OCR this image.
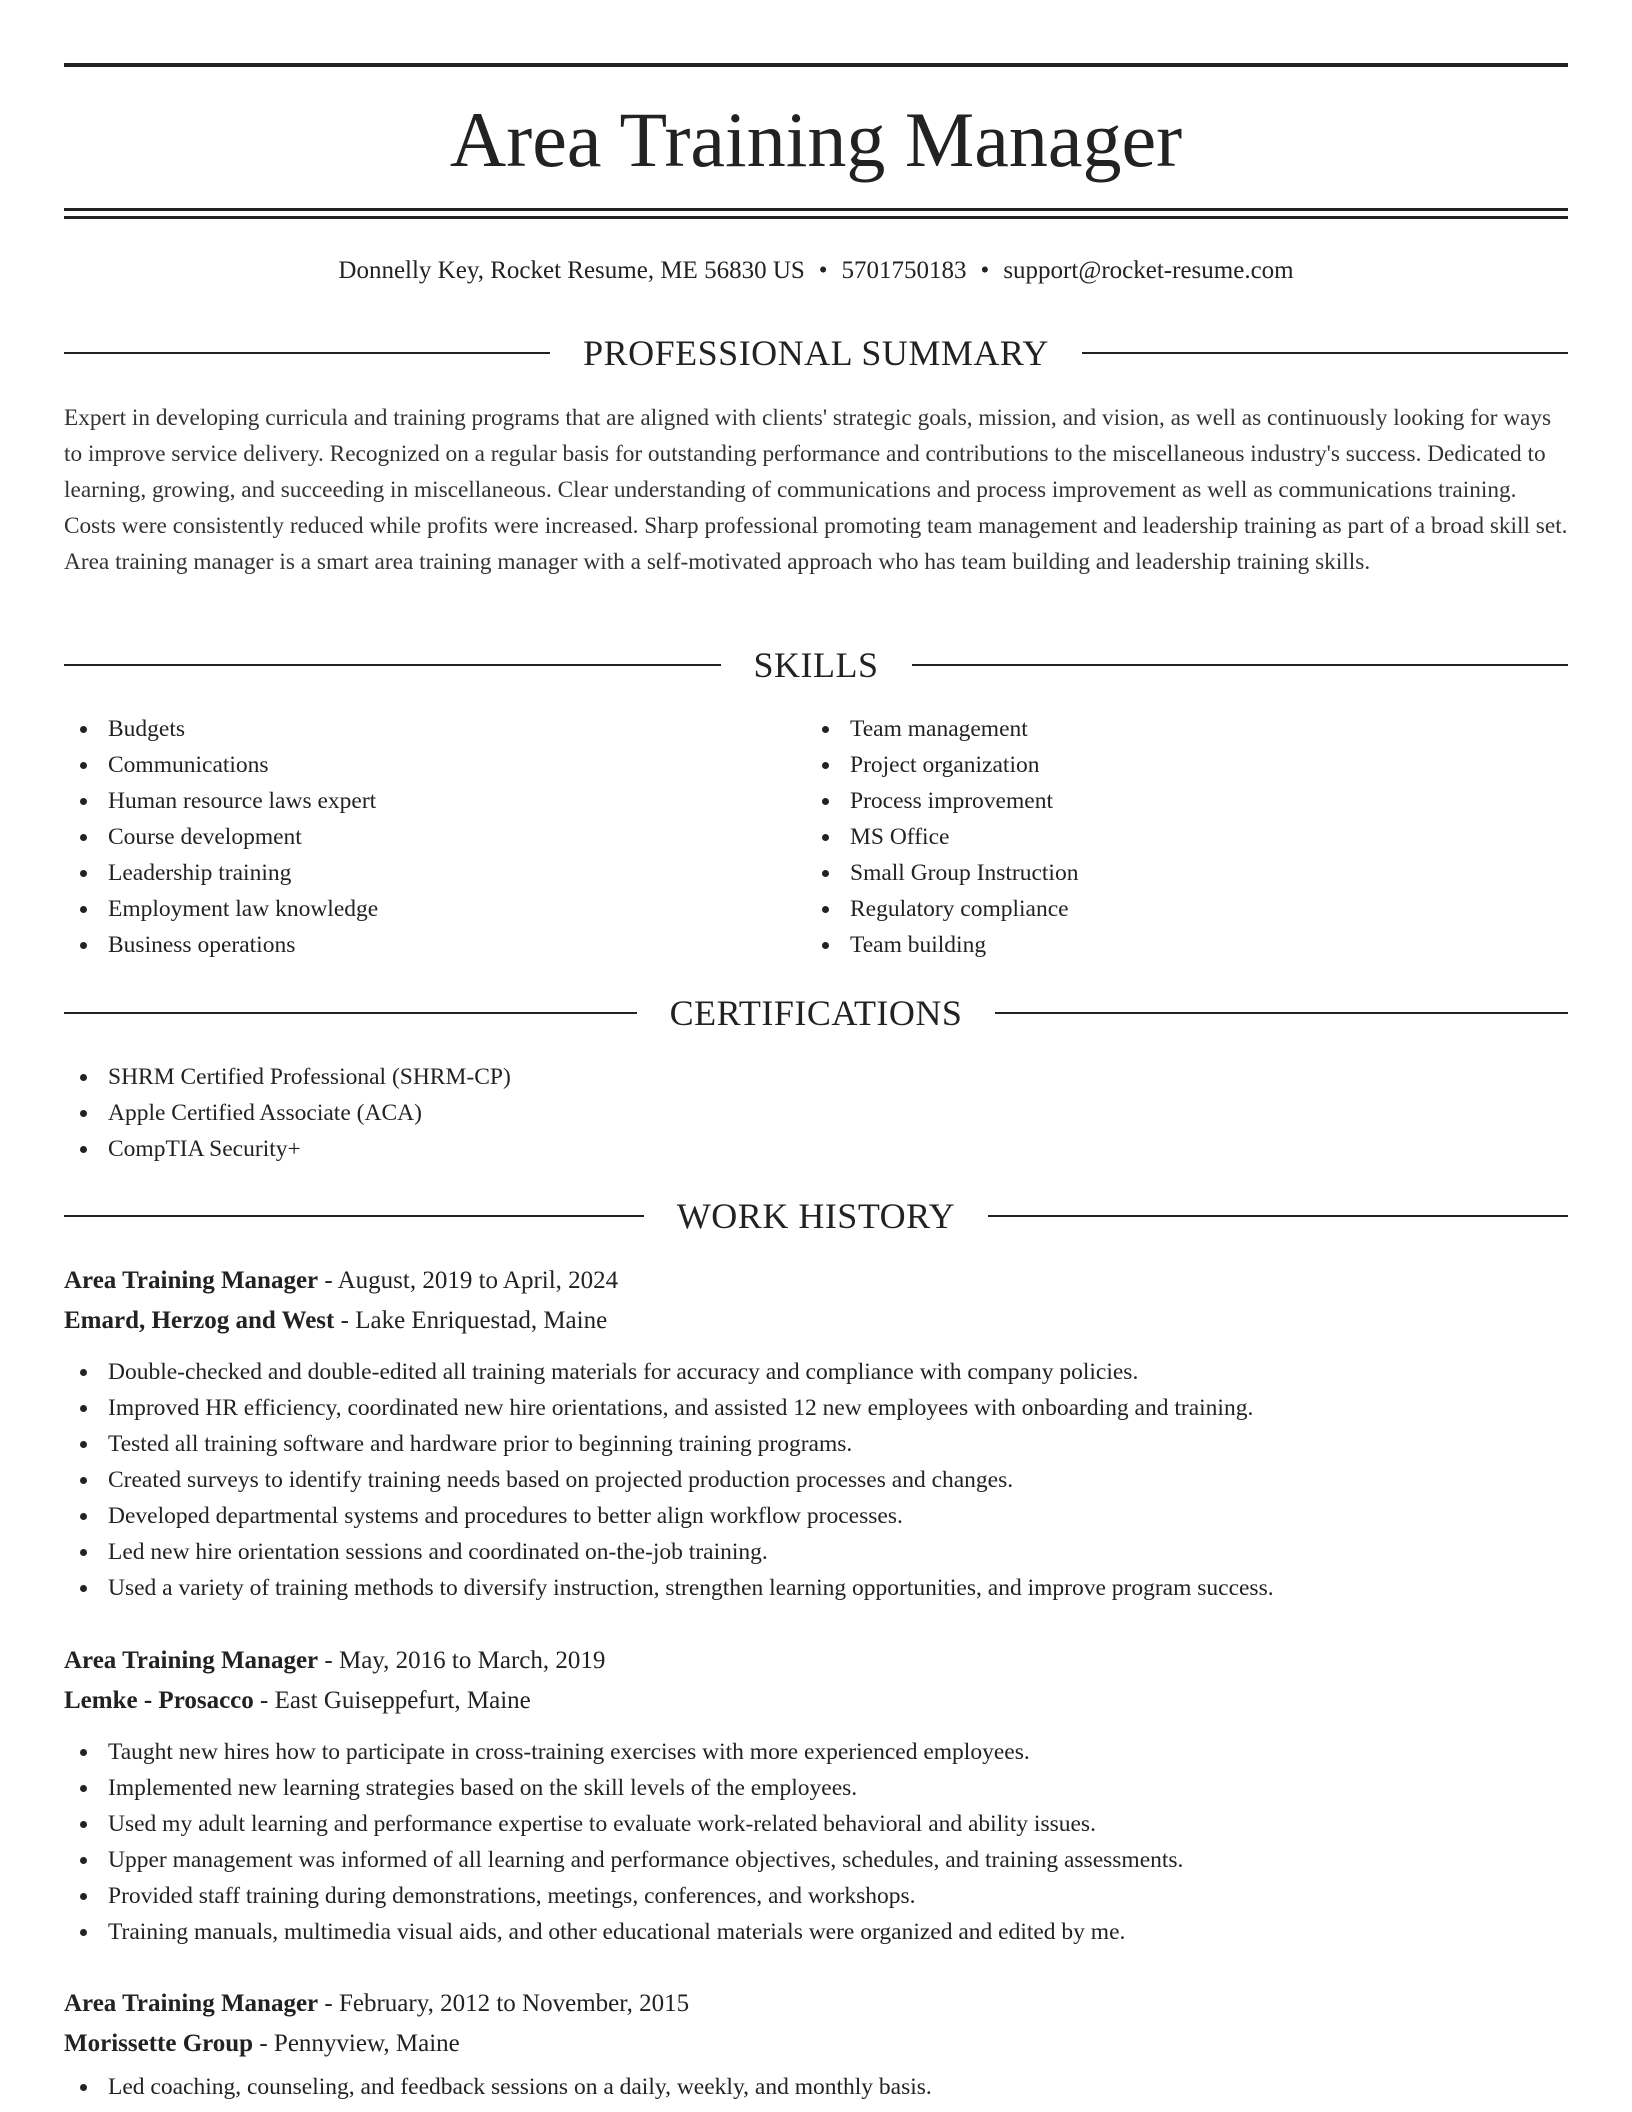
Area Training Manager
Donnelly Key, Rocket Resume, ME 56830 US • 5701750183 • support@rocket-resume.com
PROFESSIONAL SUMMARY

Expert in developing curricula and training programs that are aligned with clients' strategic goals, mission, and vision, as well as continuously looking for ways to improve service delivery. Recognized on a regular basis for outstanding performance and contributions to the miscellaneous industry's success. Dedicated to learning, growing, and succeeding in miscellaneous. Clear understanding of communications and process improvement as well as communications training. Costs were consistently reduced while profits were increased. Sharp professional promoting team management and leadership training as part of a broad skill set. Area training manager is a smart area training manager with a self-motivated approach who has team building and leadership training skills.

SKILLS
Budgets
Communications
Human resource laws expert
Course development
Leadership training
Employment law knowledge
Business operations
Team management
Project organization
Process improvement
MS Office
Small Group Instruction
Regulatory compliance
Team building
CERTIFICATIONS
SHRM Certified Professional (SHRM-CP)
Apple Certified Associate (ACA)
CompTIA Security+
WORK HISTORY
Area Training Manager - August, 2019 to April, 2024
Emard, Herzog and West - Lake Enriquestad, Maine
Double-checked and double-edited all training materials for accuracy and compliance with company policies.
Improved HR efficiency, coordinated new hire orientations, and assisted 12 new employees with onboarding and training.
Tested all training software and hardware prior to beginning training programs.
Created surveys to identify training needs based on projected production processes and changes.
Developed departmental systems and procedures to better align workflow processes.
Led new hire orientation sessions and coordinated on-the-job training.
Used a variety of training methods to diversify instruction, strengthen learning opportunities, and improve program success.
Area Training Manager - May, 2016 to March, 2019
Lemke - Prosacco - East Guiseppefurt, Maine
Taught new hires how to participate in cross-training exercises with more experienced employees.
Implemented new learning strategies based on the skill levels of the employees.
Used my adult learning and performance expertise to evaluate work-related behavioral and ability issues.
Upper management was informed of all learning and performance objectives, schedules, and training assessments.
Provided staff training during demonstrations, meetings, conferences, and workshops.
Training manuals, multimedia visual aids, and other educational materials were organized and edited by me.
Area Training Manager - February, 2012 to November, 2015
Morissette Group - Pennyview, Maine
Led coaching, counseling, and feedback sessions on a daily, weekly, and monthly basis.
